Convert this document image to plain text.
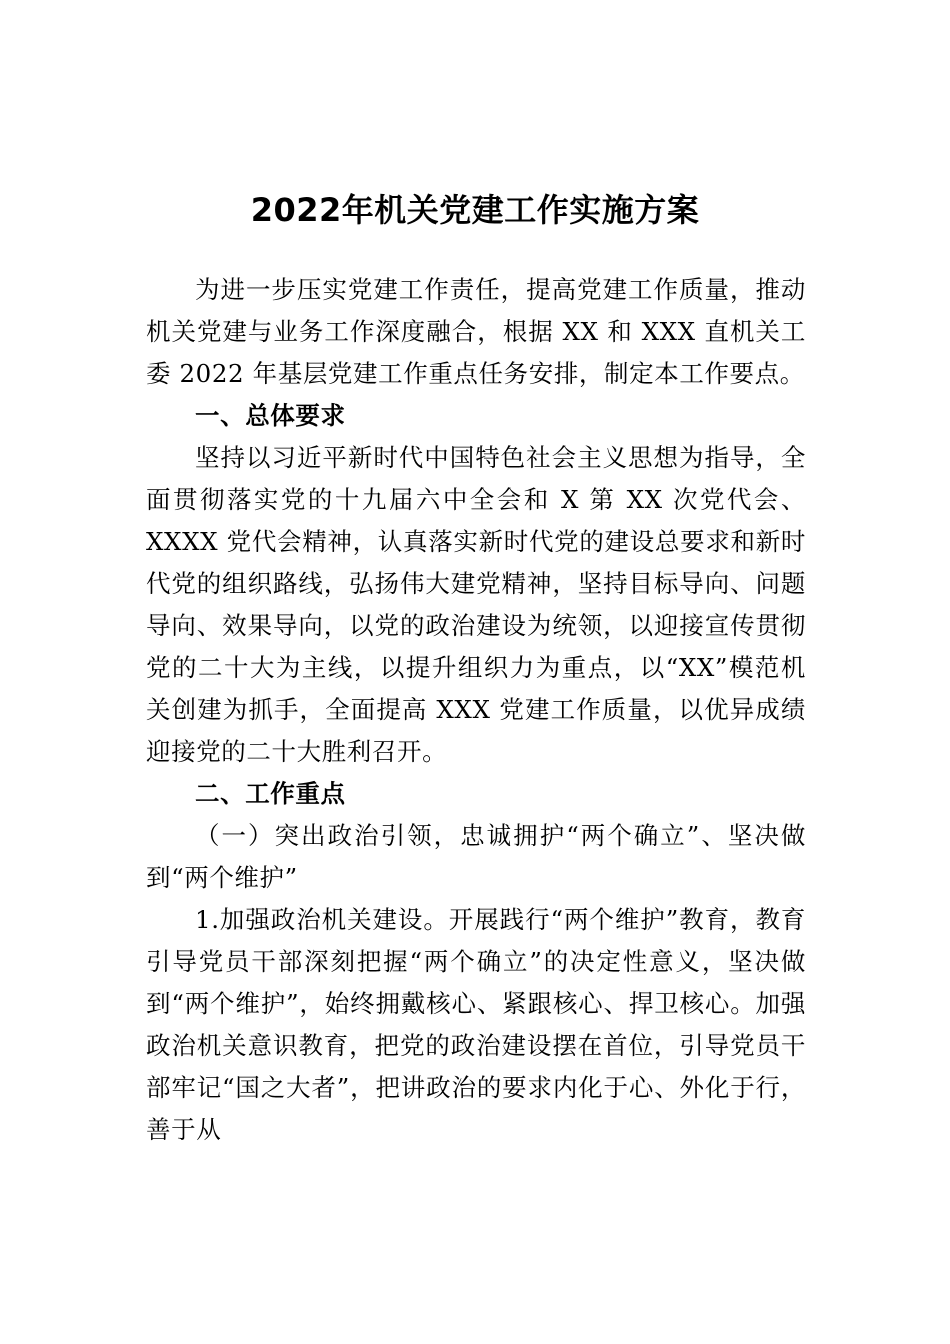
2022年机关党建工作实施方案

为进一步压实党建工作责任，提高党建工作质量，推动机关党建与业务工作深度融合，根据 XX 和 XXX 直机关工委 2022 年基层党建工作重点任务安排，制定本工作要点。

一、总体要求

坚持以习近平新时代中国特色社会主义思想为指导，全面贯彻落实党的十九届六中全会和 X 第 XX 次党代会、XXXX 党代会精神，认真落实新时代党的建设总要求和新时代党的组织路线，弘扬伟大建党精神，坚持目标导向、问题导向、效果导向，以党的政治建设为统领，以迎接宣传贯彻党的二十大为主线，以提升组织力为重点，以“XX”模范机关创建为抓手，全面提高 XXX 党建工作质量，以优异成绩迎接党的二十大胜利召开。

二、工作重点

（一）突出政治引领，忠诚拥护“两个确立”、坚决做到“两个维护”

1.加强政治机关建设。开展践行“两个维护”教育，教育引导党员干部深刻把握“两个确立”的决定性意义，坚决做到“两个维护”，始终拥戴核心、紧跟核心、捍卫核心。加强政治机关意识教育，把党的政治建设摆在首位，引导党员干部牢记“国之大者”，把讲政治的要求内化于心、外化于行，善于从
